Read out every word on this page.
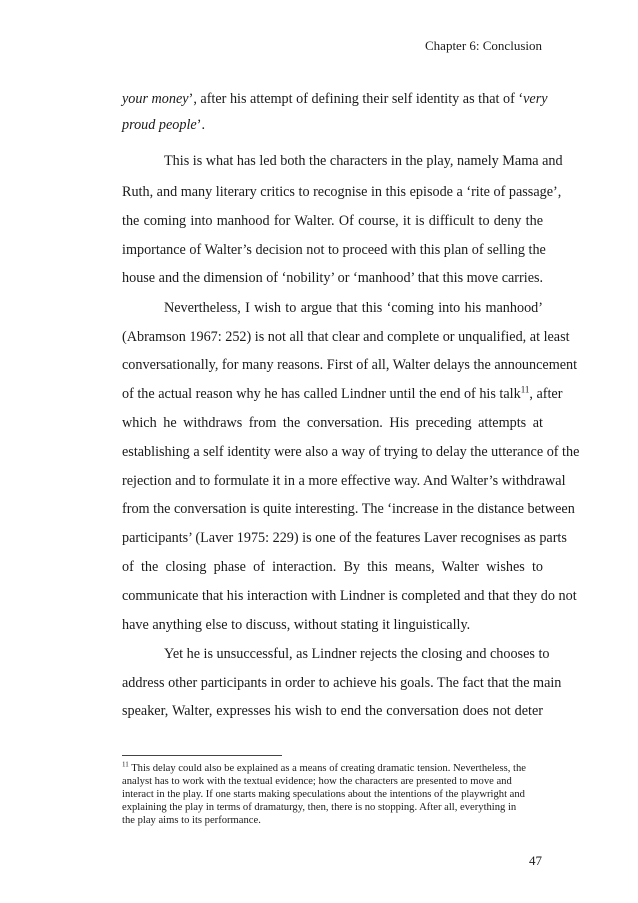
Chapter 6: Conclusion
your money’, after his attempt of defining their self identity as that of ‘very
proud people’.
This is what has led both the characters in the play, namely Mama and
Ruth, and many literary critics to recognise in this episode a ‘rite of passage’,
the coming into manhood for Walter. Of course, it is difficult to deny the
importance of Walter’s decision not to proceed with this plan of selling the
house and the dimension of ‘nobility’ or ‘manhood’ that this move carries.
Nevertheless, I wish to argue that this ‘coming into his manhood’
(Abramson 1967: 252) is not all that clear and complete or unqualified, at least
conversationally, for many reasons. First of all, Walter delays the announcement
of the actual reason why he has called Lindner until the end of his talk$^{11}$, after
which he withdraws from the conversation. His preceding attempts at
establishing a self identity were also a way of trying to delay the utterance of the
rejection and to formulate it in a more effective way. And Walter’s withdrawal
from the conversation is quite interesting. The ‘increase in the distance between
participants’ (Laver 1975: 229) is one of the features Laver recognises as parts
of the closing phase of interaction. By this means, Walter wishes to
communicate that his interaction with Lindner is completed and that they do not
have anything else to discuss, without stating it linguistically.
Yet he is unsuccessful, as Lindner rejects the closing and chooses to
address other participants in order to achieve his goals. The fact that the main
speaker, Walter, expresses his wish to end the conversation does not deter
$^{11}$ This delay could also be explained as a means of creating dramatic tension. Nevertheless, the
analyst has to work with the textual evidence; how the characters are presented to move and
interact in the play. If one starts making speculations about the intentions of the playwright and
explaining the play in terms of dramaturgy, then, there is no stopping. After all, everything in
the play aims to its performance.
47
